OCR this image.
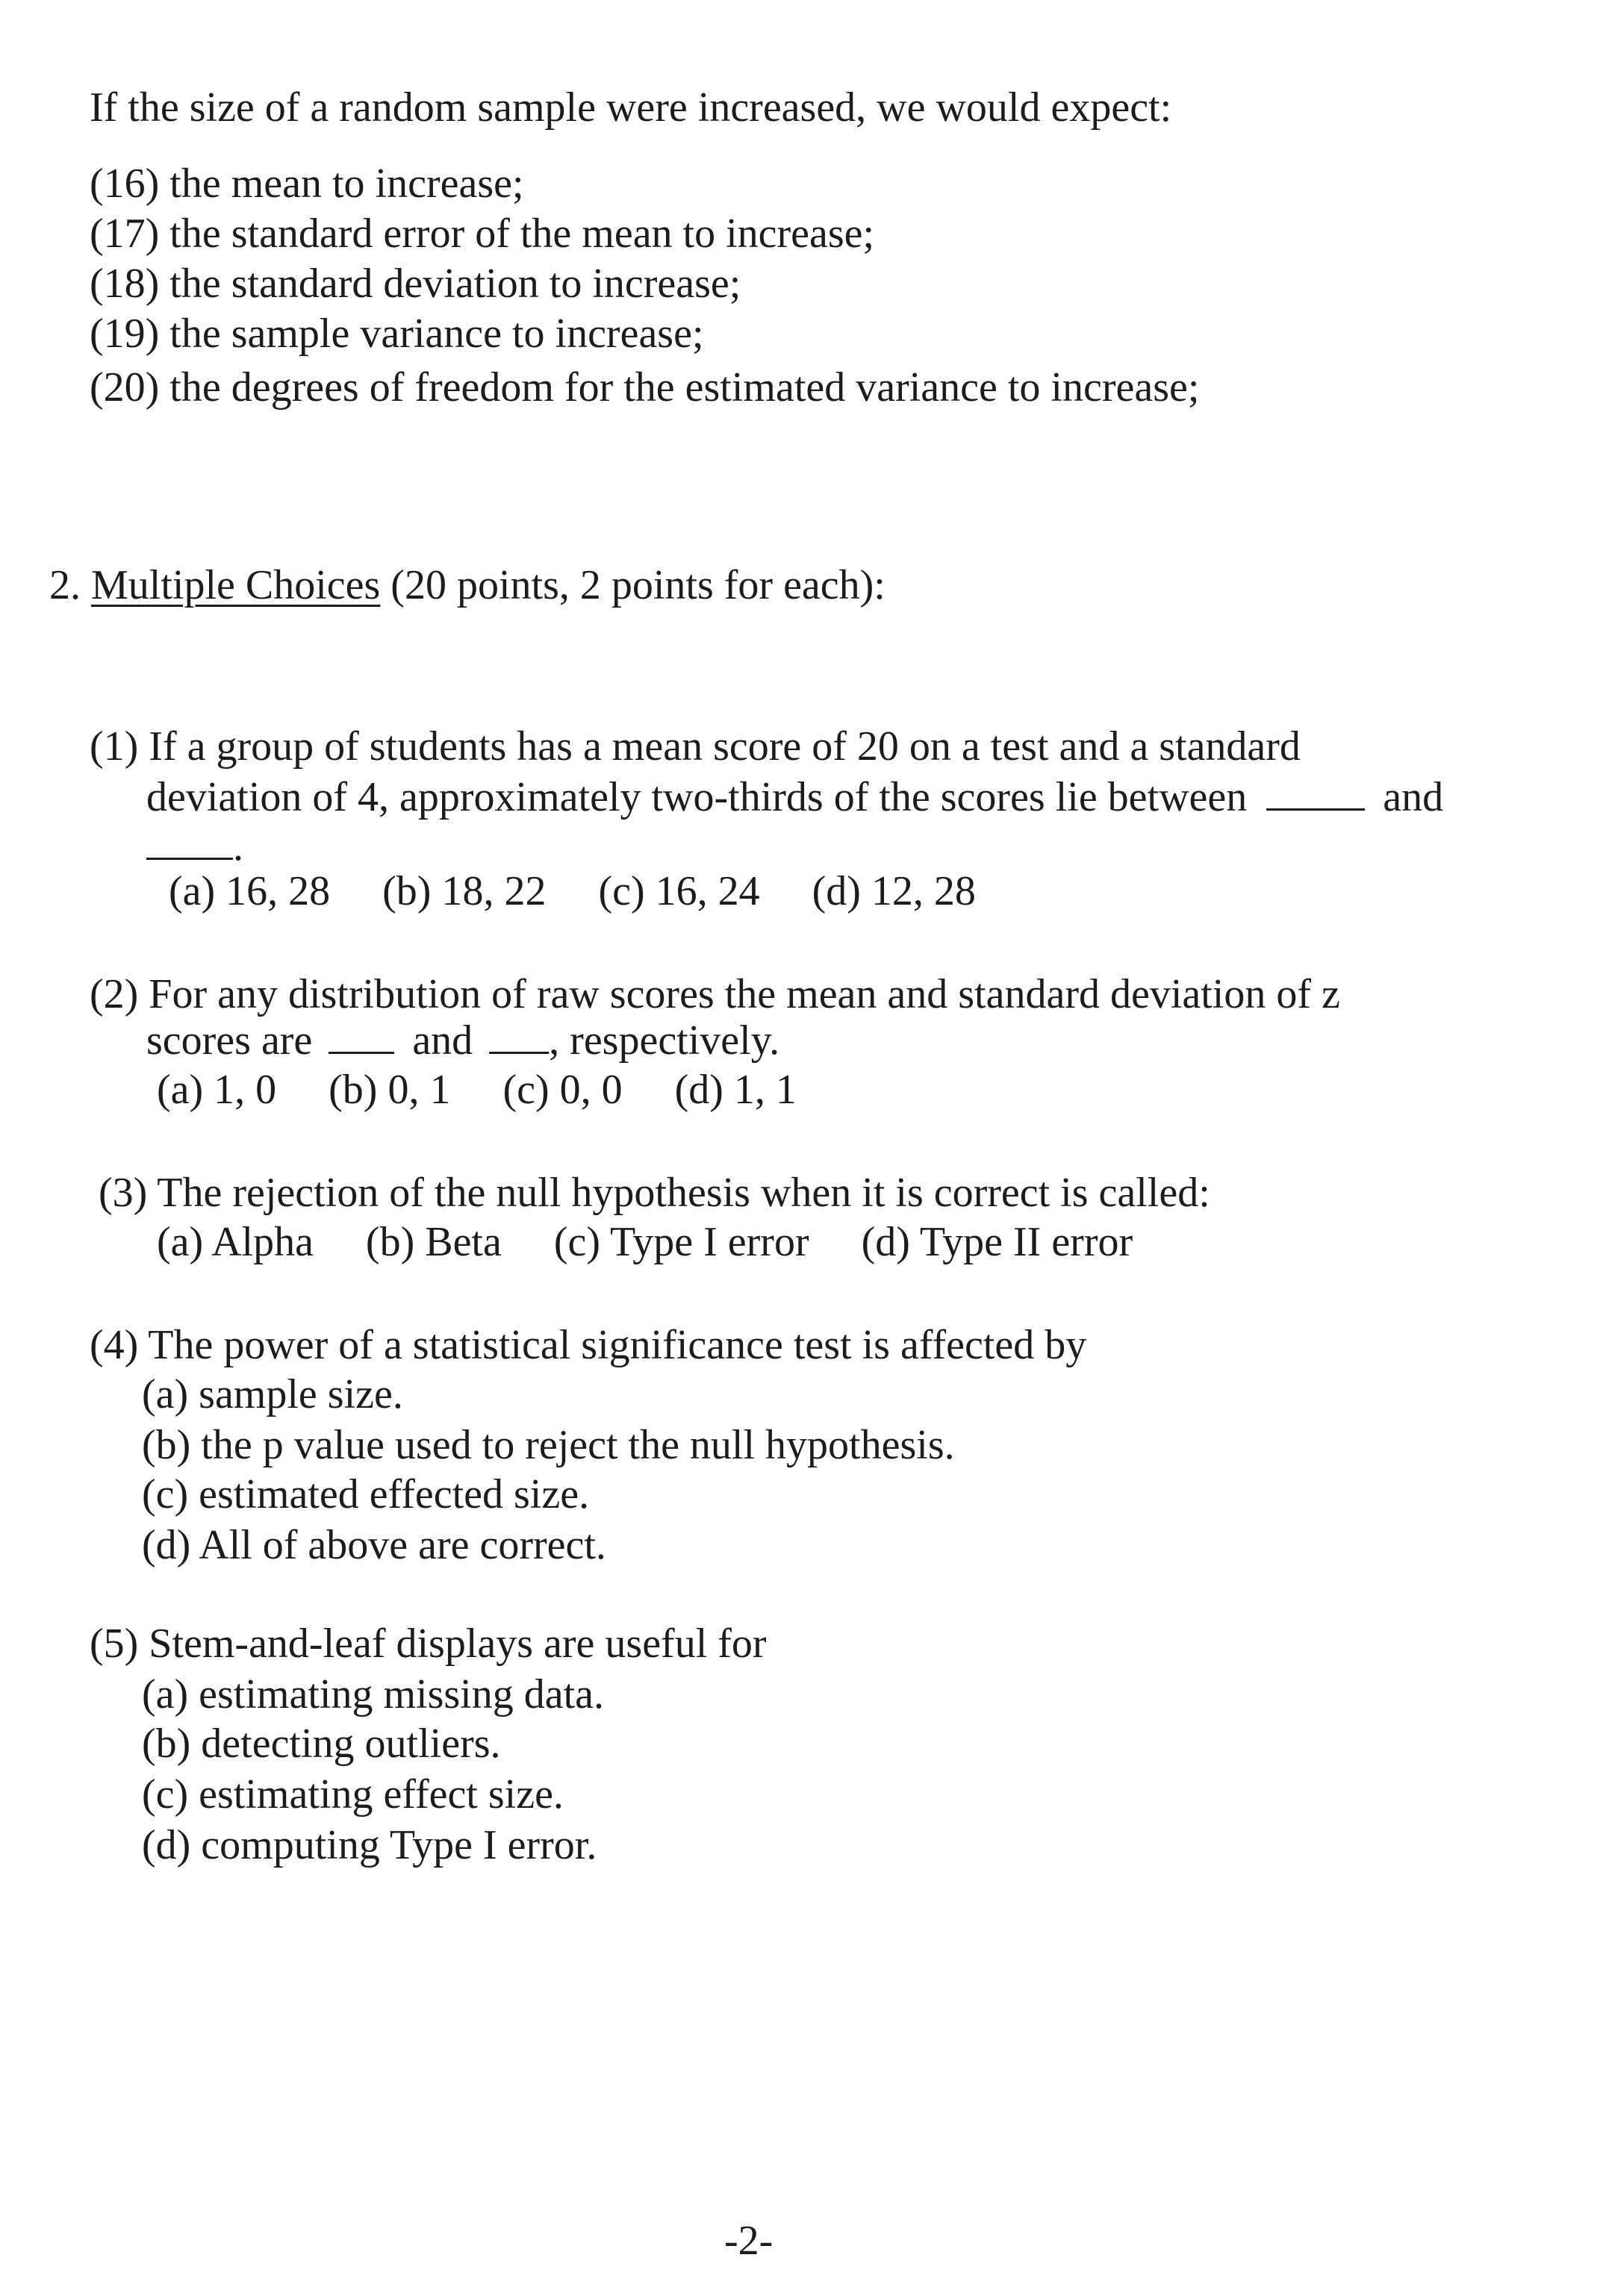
If the size of a random sample were increased, we would expect:
(16) the mean to increase;
(17) the standard error of the mean to increase;
(18) the standard deviation to increase;
(19) the sample variance to increase;
(20) the degrees of freedom for the estimated variance to increase;
2. Multiple Choices (20 points, 2 points for each):
(1) If a group of students has a mean score of 20 on a test and a standard
deviation of 4, approximately two-thirds of the scores lie between	and
.
(a) 16, 28 (b) 18, 22 (c) 16, 24 (d) 12, 28
(2) For any distribution of raw scores the mean and standard deviation of z
scores are and , respectively.
(a) 1, 0 (b) 0, 1 (c) 0, 0 (d) 1, 1
(3) The rejection of the null hypothesis when it is correct is called:
(a) Alpha (b) Beta (c) Type I error (d) Type II error
(4) The power of a statistical significance test is affected by
(a) sample size.
(b) the p value used to reject the null hypothesis.
(c) estimated effected size.
(d) All of above are correct.
(5) Stem-and-leaf displays are useful for
(a) estimating missing data.
(b) detecting outliers.
(c) estimating effect size.
(d) computing Type I error.
-2-
